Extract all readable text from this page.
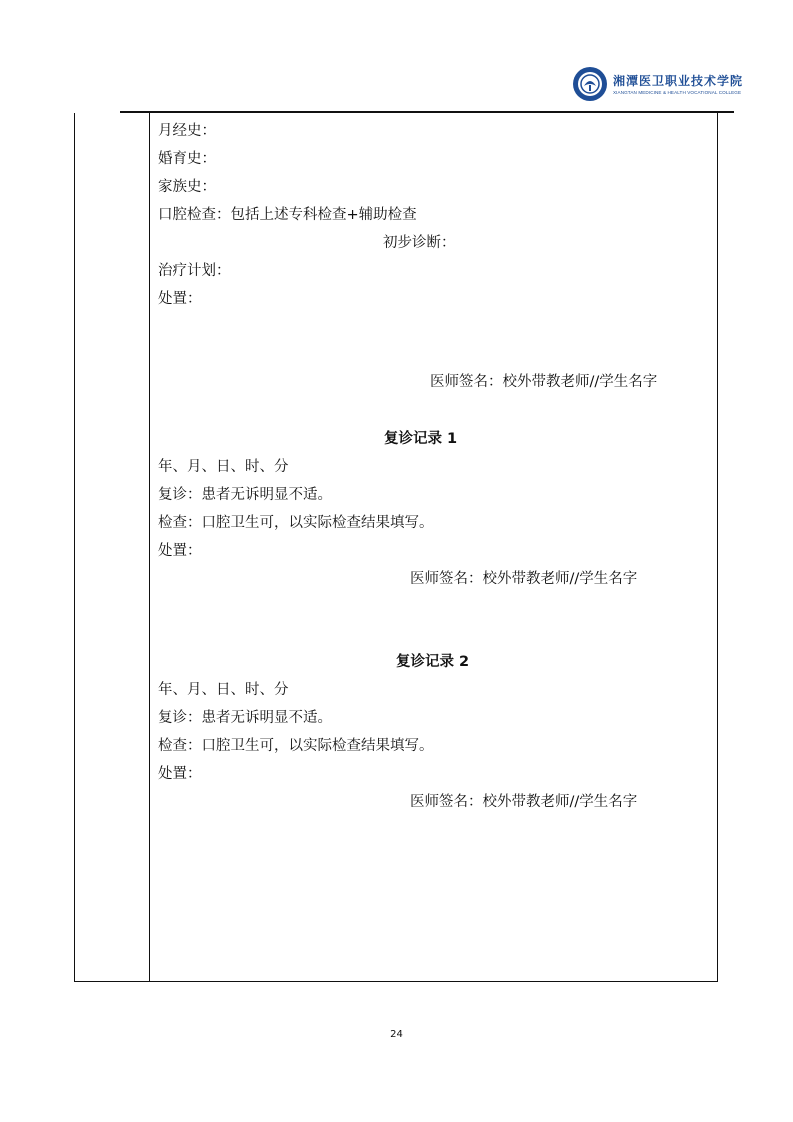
湘潭医卫职业技术学院
XIANGTAN MEDICINE & HEALTH VOCATIONAL COLLEGE
月经史：
婚育史：
家族史：
口腔检查：包括上述专科检查+辅助检查
初步诊断：
治疗计划：
处置：
医师签名：校外带教老师//学生名字
复诊记录 1
年、月、日、时、分
复诊：患者无诉明显不适。
检查：口腔卫生可，以实际检查结果填写。
处置：
医师签名：校外带教老师//学生名字
复诊记录 2
年、月、日、时、分
复诊：患者无诉明显不适。
检查：口腔卫生可，以实际检查结果填写。
处置：
医师签名：校外带教老师//学生名字
24
